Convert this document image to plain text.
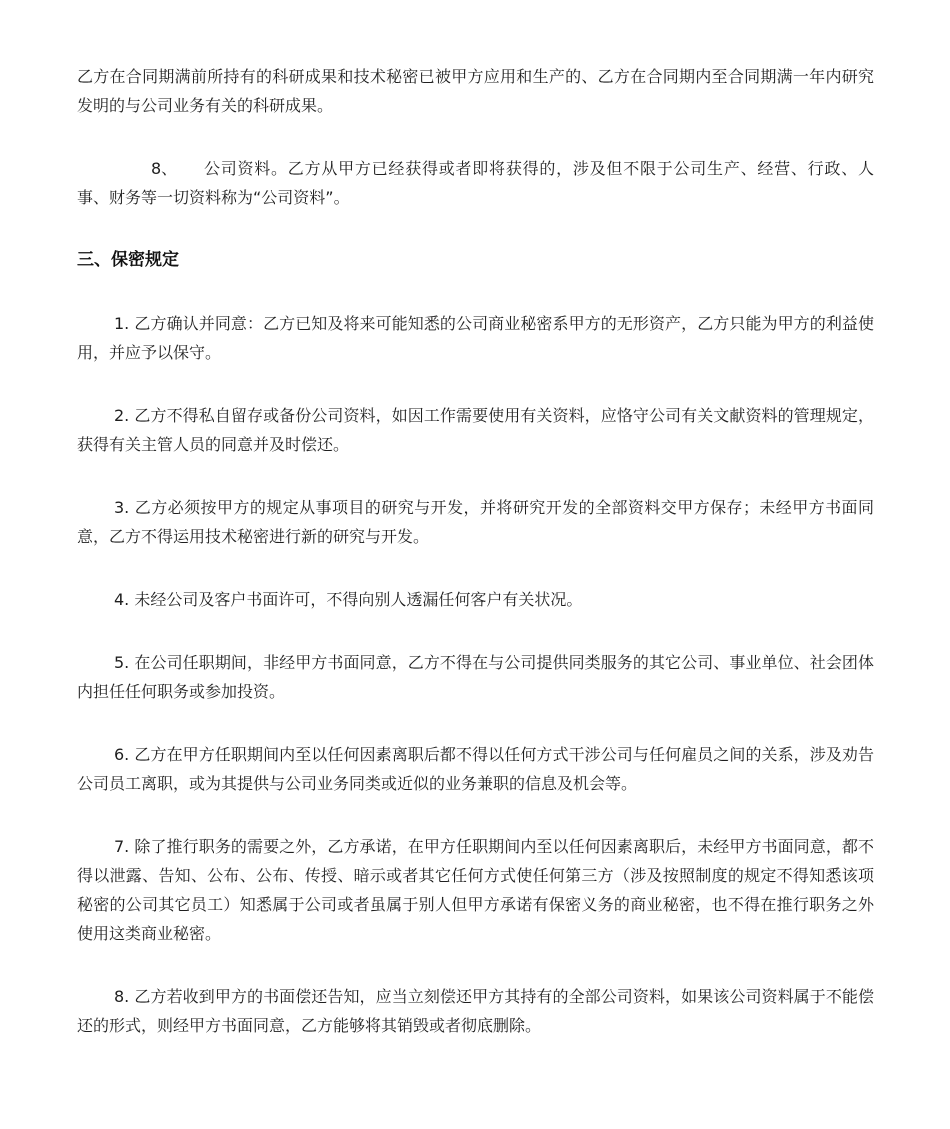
乙方在合同期满前所持有的科研成果和技术秘密已被甲方应用和生产的、乙方在合同期内至合同期满一年内研究发明的与公司业务有关的科研成果。

8、 公司资料。乙方从甲方已经获得或者即将获得的，涉及但不限于公司生产、经营、行政、人事、财务等一切资料称为“公司资料”。

三、保密规定

1. 乙方确认并同意：乙方已知及将来可能知悉的公司商业秘密系甲方的无形资产，乙方只能为甲方的利益使用，并应予以保守。

2. 乙方不得私自留存或备份公司资料，如因工作需要使用有关资料，应恪守公司有关文献资料的管理规定，获得有关主管人员的同意并及时偿还。

3. 乙方必须按甲方的规定从事项目的研究与开发，并将研究开发的全部资料交甲方保存；未经甲方书面同意，乙方不得运用技术秘密进行新的研究与开发。

4. 未经公司及客户书面许可，不得向别人透漏任何客户有关状况。

5. 在公司任职期间，非经甲方书面同意，乙方不得在与公司提供同类服务的其它公司、事业单位、社会团体内担任任何职务或参加投资。

6. 乙方在甲方任职期间内至以任何因素离职后都不得以任何方式干涉公司与任何雇员之间的关系，涉及劝告公司员工离职，或为其提供与公司业务同类或近似的业务兼职的信息及机会等。

7. 除了推行职务的需要之外，乙方承诺，在甲方任职期间内至以任何因素离职后，未经甲方书面同意，都不得以泄露、告知、公布、公布、传授、暗示或者其它任何方式使任何第三方（涉及按照制度的规定不得知悉该项秘密的公司其它员工）知悉属于公司或者虽属于别人但甲方承诺有保密义务的商业秘密，也不得在推行职务之外使用这类商业秘密。

8. 乙方若收到甲方的书面偿还告知，应当立刻偿还甲方其持有的全部公司资料，如果该公司资料属于不能偿还的形式，则经甲方书面同意，乙方能够将其销毁或者彻底删除。
